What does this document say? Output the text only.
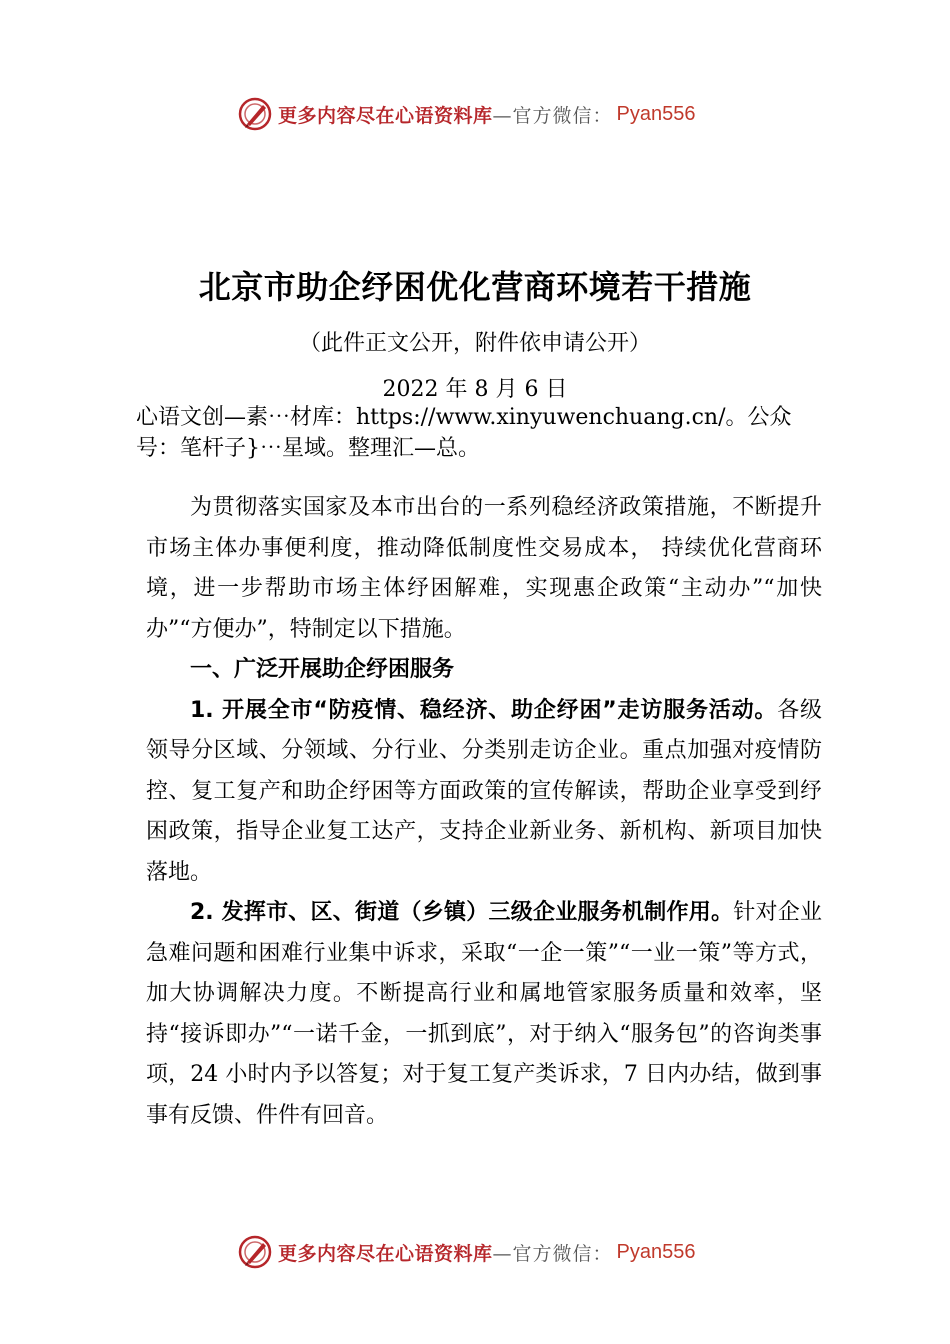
更多内容尽在心语资料库 —官方微信： Pyan556
北京市助企纾困优化营商环境若干措施
（此件正文公开，附件依申请公开）
2022 年 8 月 6 日
心语文创—素⋯材库：https://www.xinyuwenchuang.cn/。公众号：笔杆子}⋯星域。整理汇—总。

为贯彻落实国家及本市出台的一系列稳经济政策措施，不断提升市场主体办事便利度，推动降低制度性交易成本， 持续优化营商环境，进一步帮助市场主体纾困解难，实现惠企政策“主动办”“加快办”“方便办”，特制定以下措施。

一、广泛开展助企纾困服务

1. 开展全市“防疫情、稳经济、助企纾困”走访服务活动。各级领导分区域、分领域、分行业、分类别走访企业。重点加强对疫情防控、复工复产和助企纾困等方面政策的宣传解读，帮助企业享受到纾困政策，指导企业复工达产，支持企业新业务、新机构、新项目加快落地。

2. 发挥市、区、街道（乡镇）三级企业服务机制作用。针对企业急难问题和困难行业集中诉求，采取“一企一策”“一业一策”等方式，加大协调解决力度。不断提高行业和属地管家服务质量和效率，坚持“接诉即办”“一诺千金，一抓到底”，对于纳入“服务包”的咨询类事项，24 小时内予以答复；对于复工复产类诉求，7 日内办结，做到事事有反馈、件件有回音。

更多内容尽在心语资料库 —官方微信： Pyan556
